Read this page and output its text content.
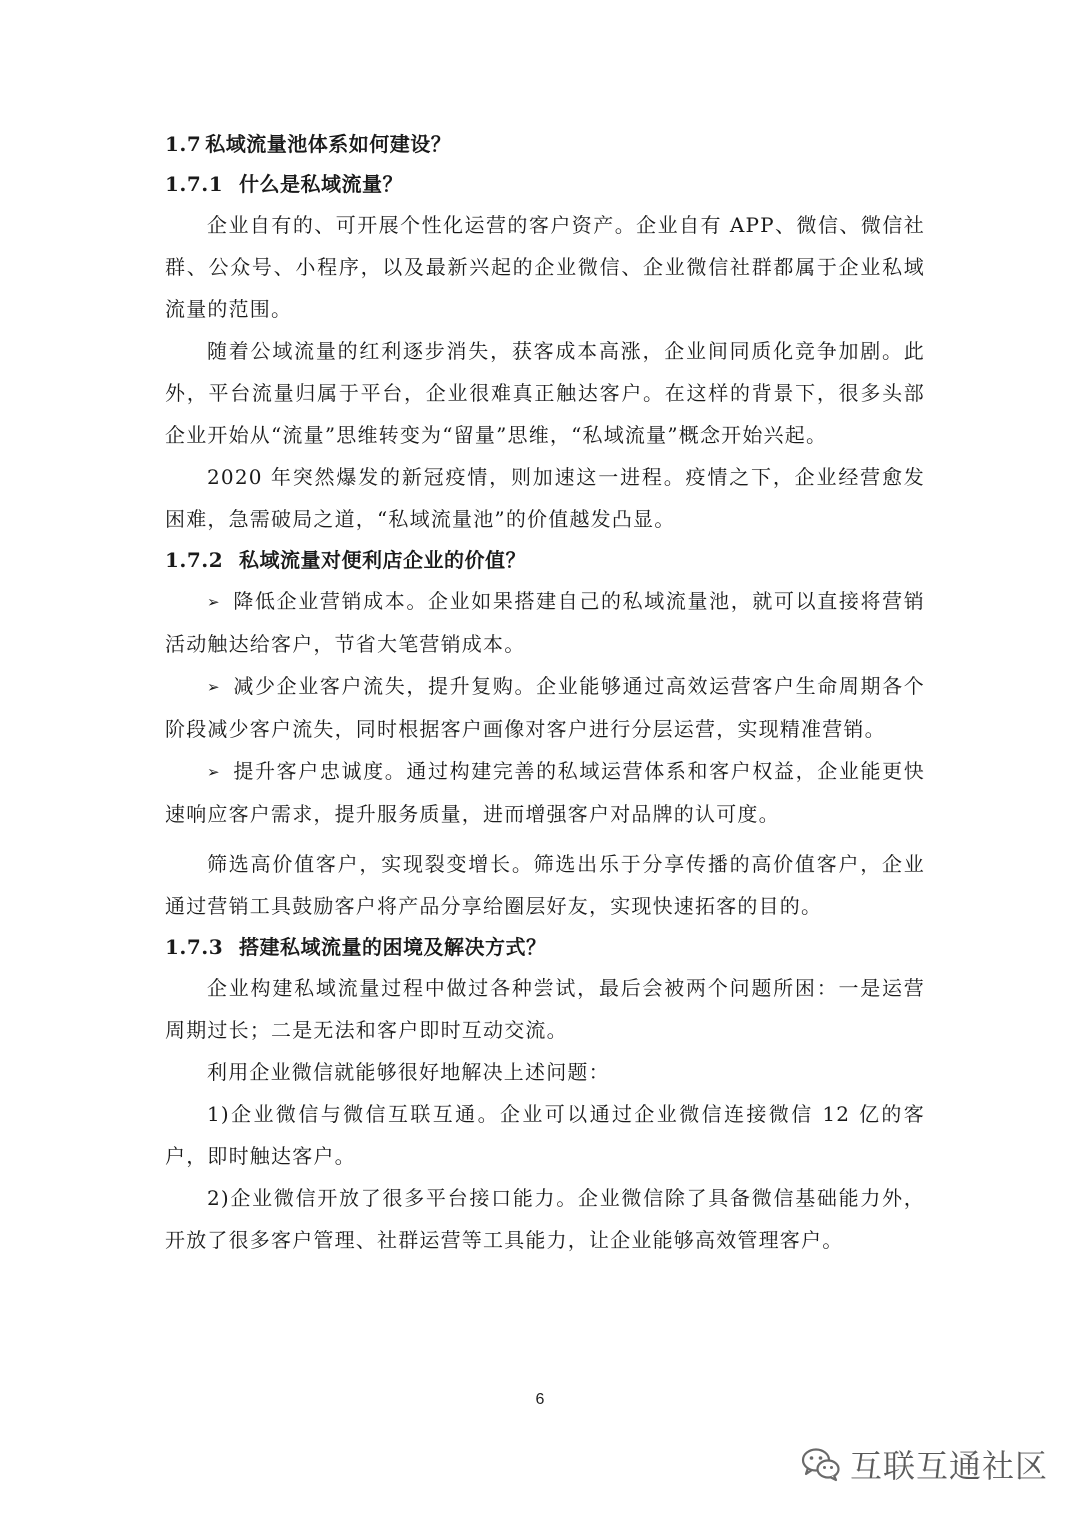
1.7 私域流量池体系如何建设？
1.7.1 什么是私域流量？

企业自有的、可开展个性化运营的客户资产。企业自有 APP、微信、微信社群、公众号、小程序，以及最新兴起的企业微信、企业微信社群都属于企业私域流量的范围。

随着公域流量的红利逐步消失，获客成本高涨，企业间同质化竞争加剧。此外，平台流量归属于平台，企业很难真正触达客户。在这样的背景下，很多头部企业开始从“流量”思维转变为“留量”思维，“私域流量”概念开始兴起。

2020 年突然爆发的新冠疫情，则加速这一进程。疫情之下，企业经营愈发困难，急需破局之道，“私域流量池”的价值越发凸显。

1.7.2 私域流量对便利店企业的价值？

➢ 降低企业营销成本。企业如果搭建自己的私域流量池，就可以直接将营销活动触达给客户，节省大笔营销成本。

➢ 减少企业客户流失，提升复购。企业能够通过高效运营客户生命周期各个阶段减少客户流失，同时根据客户画像对客户进行分层运营，实现精准营销。

➢ 提升客户忠诚度。通过构建完善的私域运营体系和客户权益，企业能更快速响应客户需求，提升服务质量，进而增强客户对品牌的认可度。

筛选高价值客户，实现裂变增长。筛选出乐于分享传播的高价值客户，企业通过营销工具鼓励客户将产品分享给圈层好友，实现快速拓客的目的。

1.7.3 搭建私域流量的困境及解决方式？

企业构建私域流量过程中做过各种尝试，最后会被两个问题所困：一是运营周期过长；二是无法和客户即时互动交流。

利用企业微信就能够很好地解决上述问题：

1)企业微信与微信互联互通。企业可以通过企业微信连接微信 12 亿的客户，即时触达客户。

2)企业微信开放了很多平台接口能力。企业微信除了具备微信基础能力外，开放了很多客户管理、社群运营等工具能力，让企业能够高效管理客户。

6
互联互通社区
